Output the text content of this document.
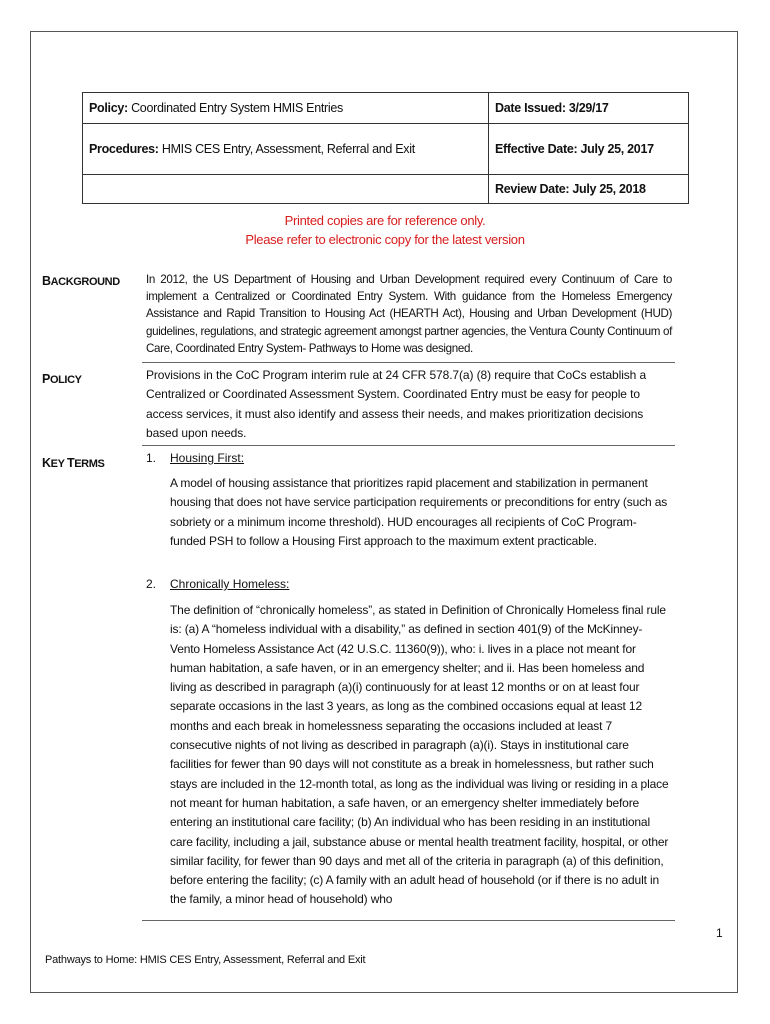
Policy: Coordinated Entry System HMIS Entries	Date Issued: 3/29/17
Procedures: HMIS CES Entry, Assessment, Referral and Exit	Effective Date: July 25, 2017
	Review Date: July 25, 2018
Printed copies are for reference only.
Please refer to electronic copy for the latest version
BACKGROUND In 2012, the US Department of Housing and Urban Development required every Continuum of Care to implement a Centralized or Coordinated Entry System. With guidance from the Homeless Emergency Assistance and Rapid Transition to Housing Act (HEARTH Act), Housing and Urban Development (HUD) guidelines, regulations, and strategic agreement amongst partner agencies, the Ventura County Continuum of Care, Coordinated Entry System- Pathways to Home was designed.
POLICY	Provisions in the CoC Program interim rule at 24 CFR 578.7(a) (8) require that CoCs establish a Centralized or Coordinated Assessment System. Coordinated Entry must be easy for people to access services, it must also identify and assess their needs, and makes prioritization decisions based upon needs.
KEY TERMS	1. Housing First:
A model of housing assistance that prioritizes rapid placement and stabilization in permanent housing that does not have service participation requirements or preconditions for entry (such as sobriety or a minimum income threshold). HUD encourages all recipients of CoC Program-funded PSH to follow a Housing First approach to the maximum extent practicable.
2. Chronically Homeless:
The definition of “chronically homeless”, as stated in Definition of Chronically Homeless final rule is: (a) A “homeless individual with a disability,” as defined in section 401(9) of the McKinney-Vento Homeless Assistance Act (42 U.S.C. 11360(9)), who: i. lives in a place not meant for human habitation, a safe haven, or in an emergency shelter; and ii. Has been homeless and living as described in paragraph (a)(i) continuously for at least 12 months or on at least four separate occasions in the last 3 years, as long as the combined occasions equal at least 12 months and each break in homelessness separating the occasions included at least 7 consecutive nights of not living as described in paragraph (a)(i). Stays in institutional care facilities for fewer than 90 days will not constitute as a break in homelessness, but rather such stays are included in the 12-month total, as long as the individual was living or residing in a place not meant for human habitation, a safe haven, or an emergency shelter immediately before entering an institutional care facility; (b) An individual who has been residing in an institutional care facility, including a jail, substance abuse or mental health treatment facility, hospital, or other similar facility, for fewer than 90 days and met all of the criteria in paragraph (a) of this definition, before entering the facility; (c) A family with an adult head of household (or if there is no adult in the family, a minor head of household) who
1
Pathways to Home: HMIS CES Entry, Assessment, Referral and Exit
